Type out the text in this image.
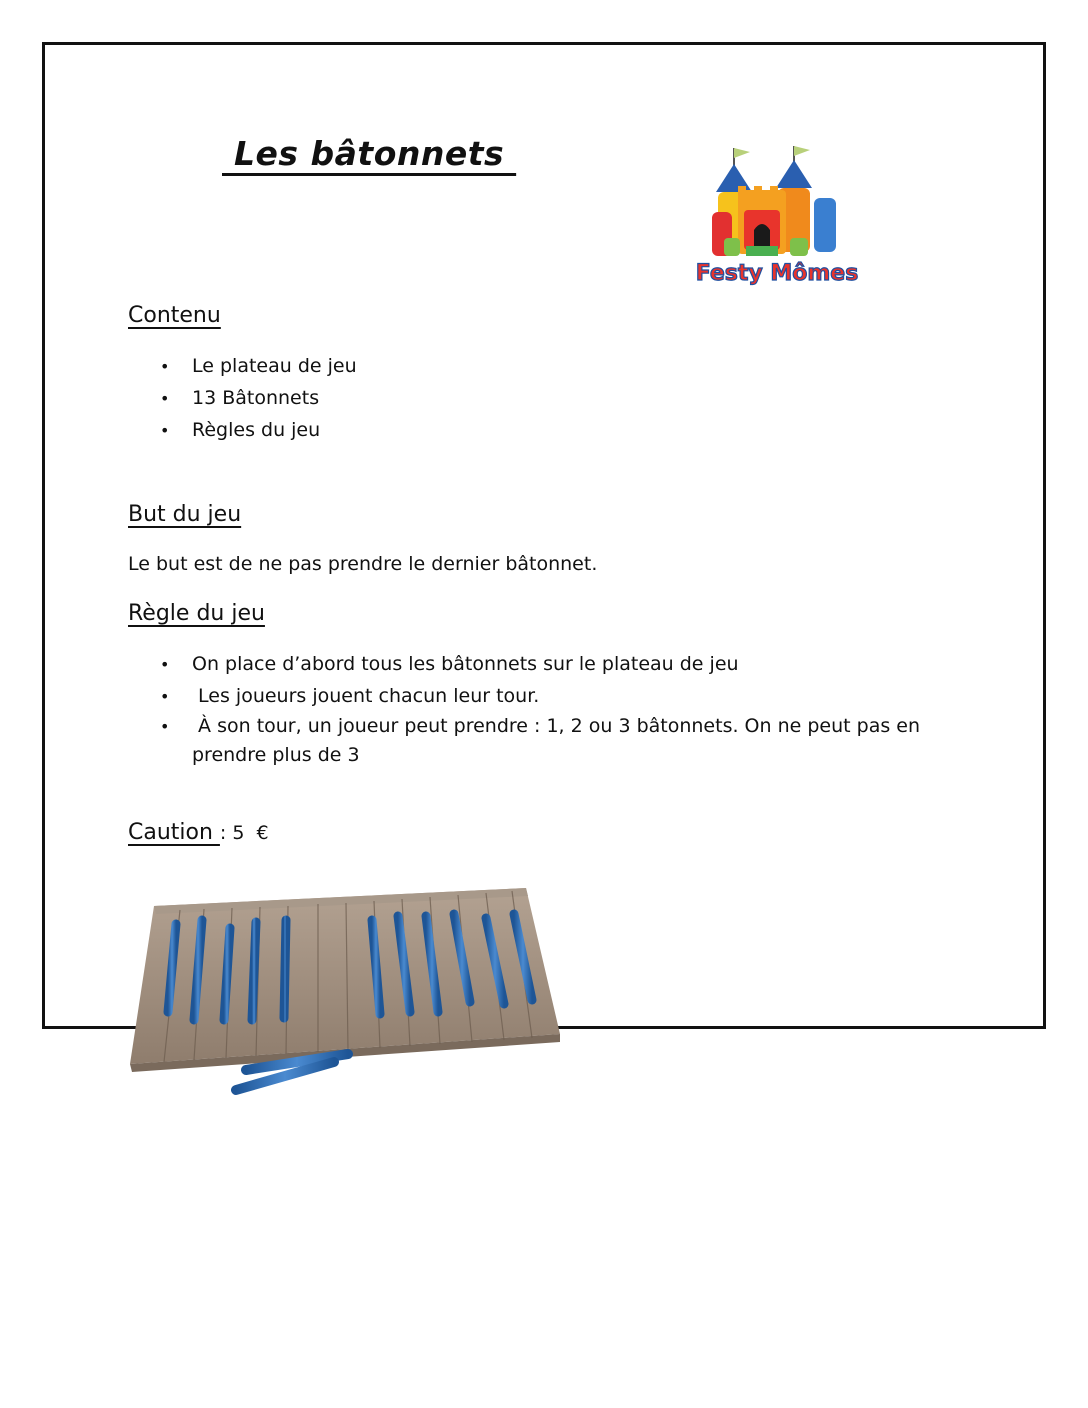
Les bâtonnets
Festy Mômes
Contenu
• Le plateau de jeu
• 13 Bâtonnets
• Règles du jeu
But du jeu
Le but est de ne pas prendre le dernier bâtonnet.
Règle du jeu
• On place d’abord tous les bâtonnets sur le plateau de jeu
•  Les joueurs jouent chacun leur tour.
•  À son tour, un joueur peut prendre : 1, 2 ou 3 bâtonnets. On ne peut pas en prendre plus de 3
Caution : 5  €
